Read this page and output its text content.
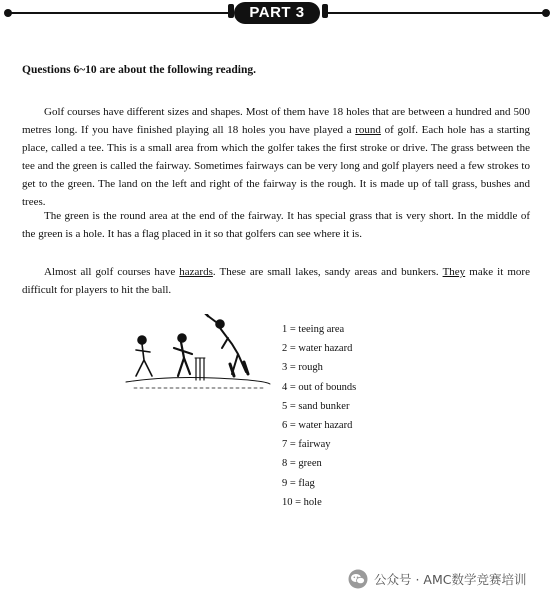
PART 3
Questions 6~10 are about the following reading.

Golf courses have different sizes and shapes. Most of them have 18 holes that are between a hundred and 500 metres long. If you have finished playing all 18 holes you have played a round of golf. Each hole has a starting place, called a tee. This is a small area from which the golfer takes the first stroke or drive. The grass between the tee and the green is called the fairway. Sometimes fairways can be very long and golf players need a few strokes to get to the green. The land on the left and right of the fairway is the rough. It is made up of tall grass, bushes and trees.

The green is the round area at the end of the fairway. It has special grass that is very short. In the middle of the green is a hole. It has a flag placed in it so that golfers can see where it is.

Almost all golf courses have hazards. These are small lakes, sandy areas and bunkers. They make it more difficult for players to hit the ball.

1 = teeing area
2 = water hazard
3 = rough
4 = out of bounds
5 = sand bunker
6 = water hazard
7 = fairway
8 = green
9 = flag
10 = hole
公众号 · AMC数学竞赛培训
